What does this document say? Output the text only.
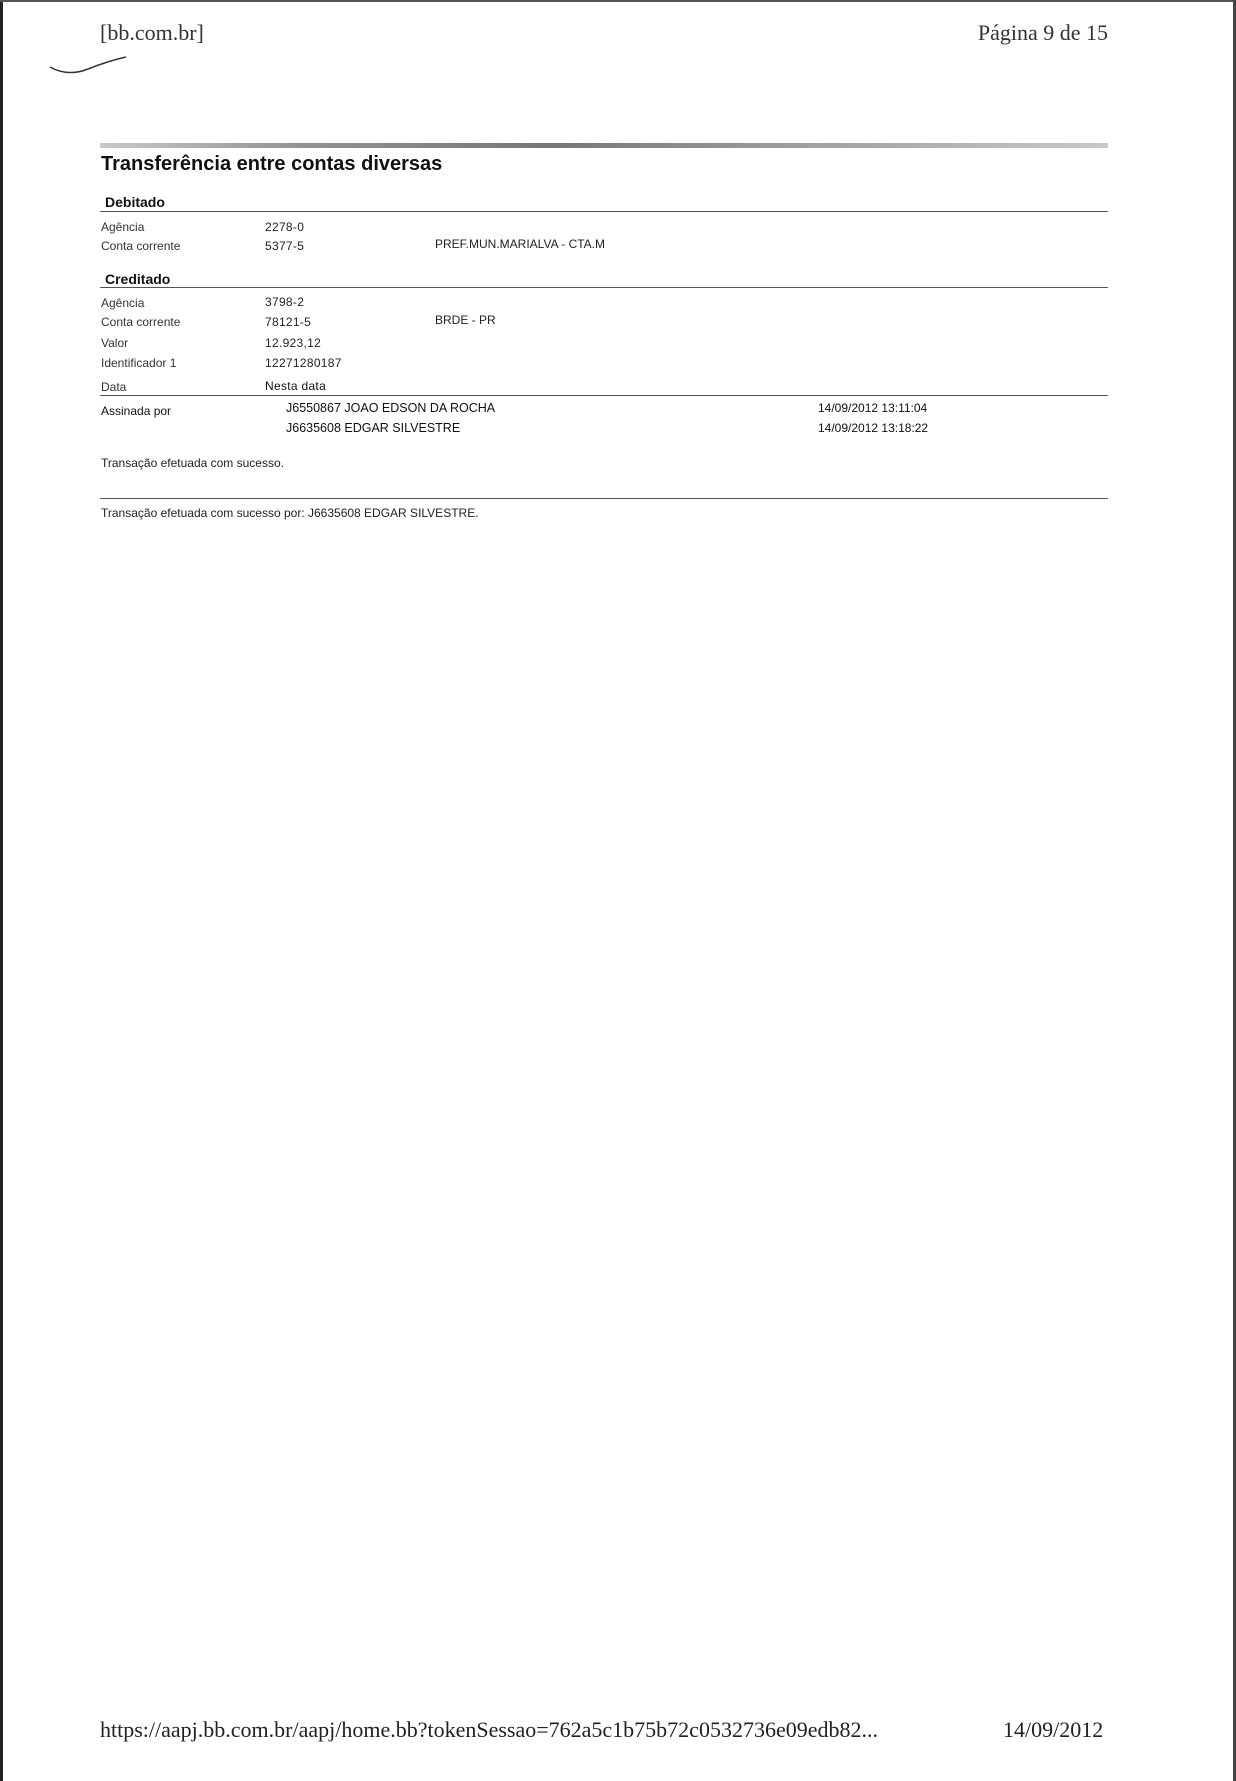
[bb.com.br]	Página 9 de 15
Transferência entre contas diversas
Debitado
Agência	2278-0
Conta corrente	5377-5	PREF.MUN.MARIALVA - CTA.M
Creditado
Agência	3798-2
Conta corrente	78121-5	BRDE - PR
Valor	12.923,12
Identificador 1	12271280187
Data	Nesta data
Assinada por	J6550867 JOAO EDSON DA ROCHA	14/09/2012 13:11:04
J6635608 EDGAR SILVESTRE	14/09/2012 13:18:22
Transação efetuada com sucesso.
Transação efetuada com sucesso por: J6635608 EDGAR SILVESTRE.
https://aapj.bb.com.br/aapj/home.bb?tokenSessao=762a5c1b75b72c0532736e09edb82...	14/09/2012
